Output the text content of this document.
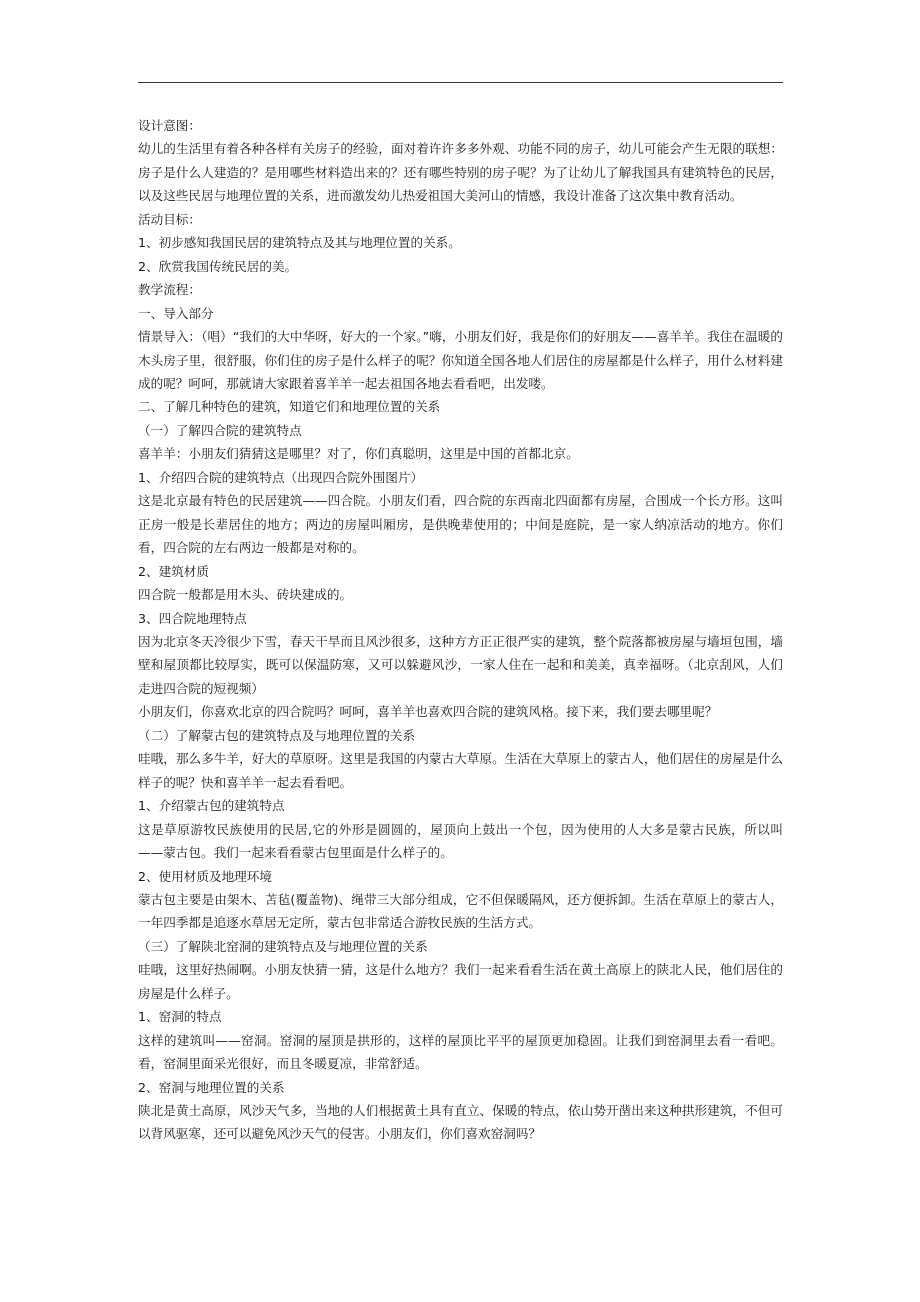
设计意图：

幼儿的生活里有着各种各样有关房子的经验，面对着许许多多外观、功能不同的房子，幼儿可能会产生无限的联想：房子是什么人建造的？是用哪些材料造出来的？还有哪些特别的房子呢？为了让幼儿了解我国具有建筑特色的民居，以及这些民居与地理位置的关系，进而激发幼儿热爱祖国大美河山的情感，我设计准备了这次集中教育活动。

活动目标：

1、初步感知我国民居的建筑特点及其与地理位置的关系。

2、欣赏我国传统民居的美。

教学流程：

一、导入部分

情景导入：（唱）“我们的大中华呀，好大的一个家。”嗨，小朋友们好，我是你们的好朋友——喜羊羊。我住在温暖的木头房子里，很舒服，你们住的房子是什么样子的呢？你知道全国各地人们居住的房屋都是什么样子，用什么材料建成的呢？呵呵，那就请大家跟着喜羊羊一起去祖国各地去看看吧，出发喽。

二、了解几种特色的建筑，知道它们和地理位置的关系

（一）了解四合院的建筑特点

喜羊羊：小朋友们猜猜这是哪里？对了，你们真聪明，这里是中国的首都北京。

1、介绍四合院的建筑特点（出现四合院外围图片）

这是北京最有特色的民居建筑——四合院。小朋友们看，四合院的东西南北四面都有房屋，合围成一个长方形。这叫正房一般是长辈居住的地方；两边的房屋叫厢房，是供晚辈使用的；中间是庭院，是一家人纳凉活动的地方。你们看，四合院的左右两边一般都是对称的。

2、建筑材质

四合院一般都是用木头、砖块建成的。

3、四合院地理特点

因为北京冬天冷很少下雪，春天干旱而且风沙很多，这种方方正正很严实的建筑，整个院落都被房屋与墙垣包围，墙壁和屋顶都比较厚实，既可以保温防寒，又可以躲避风沙，一家人住在一起和和美美，真幸福呀。（北京刮风，人们走进四合院的短视频）

小朋友们，你喜欢北京的四合院吗？呵呵，喜羊羊也喜欢四合院的建筑风格。接下来，我们要去哪里呢？

（二）了解蒙古包的建筑特点及与地理位置的关系

哇哦，那么多牛羊，好大的草原呀。这里是我国的内蒙古大草原。生活在大草原上的蒙古人，他们居住的房屋是什么样子的呢？快和喜羊羊一起去看看吧。

1、介绍蒙古包的建筑特点

这是草原游牧民族使用的民居,它的外形是圆圆的，屋顶向上鼓出一个包，因为使用的人大多是蒙古民族，所以叫——蒙古包。我们一起来看看蒙古包里面是什么样子的。

2、使用材质及地理环境

蒙古包主要是由架木、苫毡(覆盖物)、绳带三大部分组成，它不但保暖隔风，还方便拆卸。生活在草原上的蒙古人，一年四季都是追逐水草居无定所，蒙古包非常适合游牧民族的生活方式。

（三）了解陕北窑洞的建筑特点及与地理位置的关系

哇哦，这里好热闹啊。小朋友快猜一猜，这是什么地方？我们一起来看看生活在黄土高原上的陕北人民，他们居住的房屋是什么样子。

1、窑洞的特点

这样的建筑叫——窑洞。窑洞的屋顶是拱形的，这样的屋顶比平平的屋顶更加稳固。让我们到窑洞里去看一看吧。看，窑洞里面采光很好，而且冬暖夏凉，非常舒适。

2、窑洞与地理位置的关系

陕北是黄土高原，风沙天气多，当地的人们根据黄土具有直立、保暖的特点，依山势开凿出来这种拱形建筑，不但可以背风驱寒，还可以避免风沙天气的侵害。小朋友们，你们喜欢窑洞吗？
